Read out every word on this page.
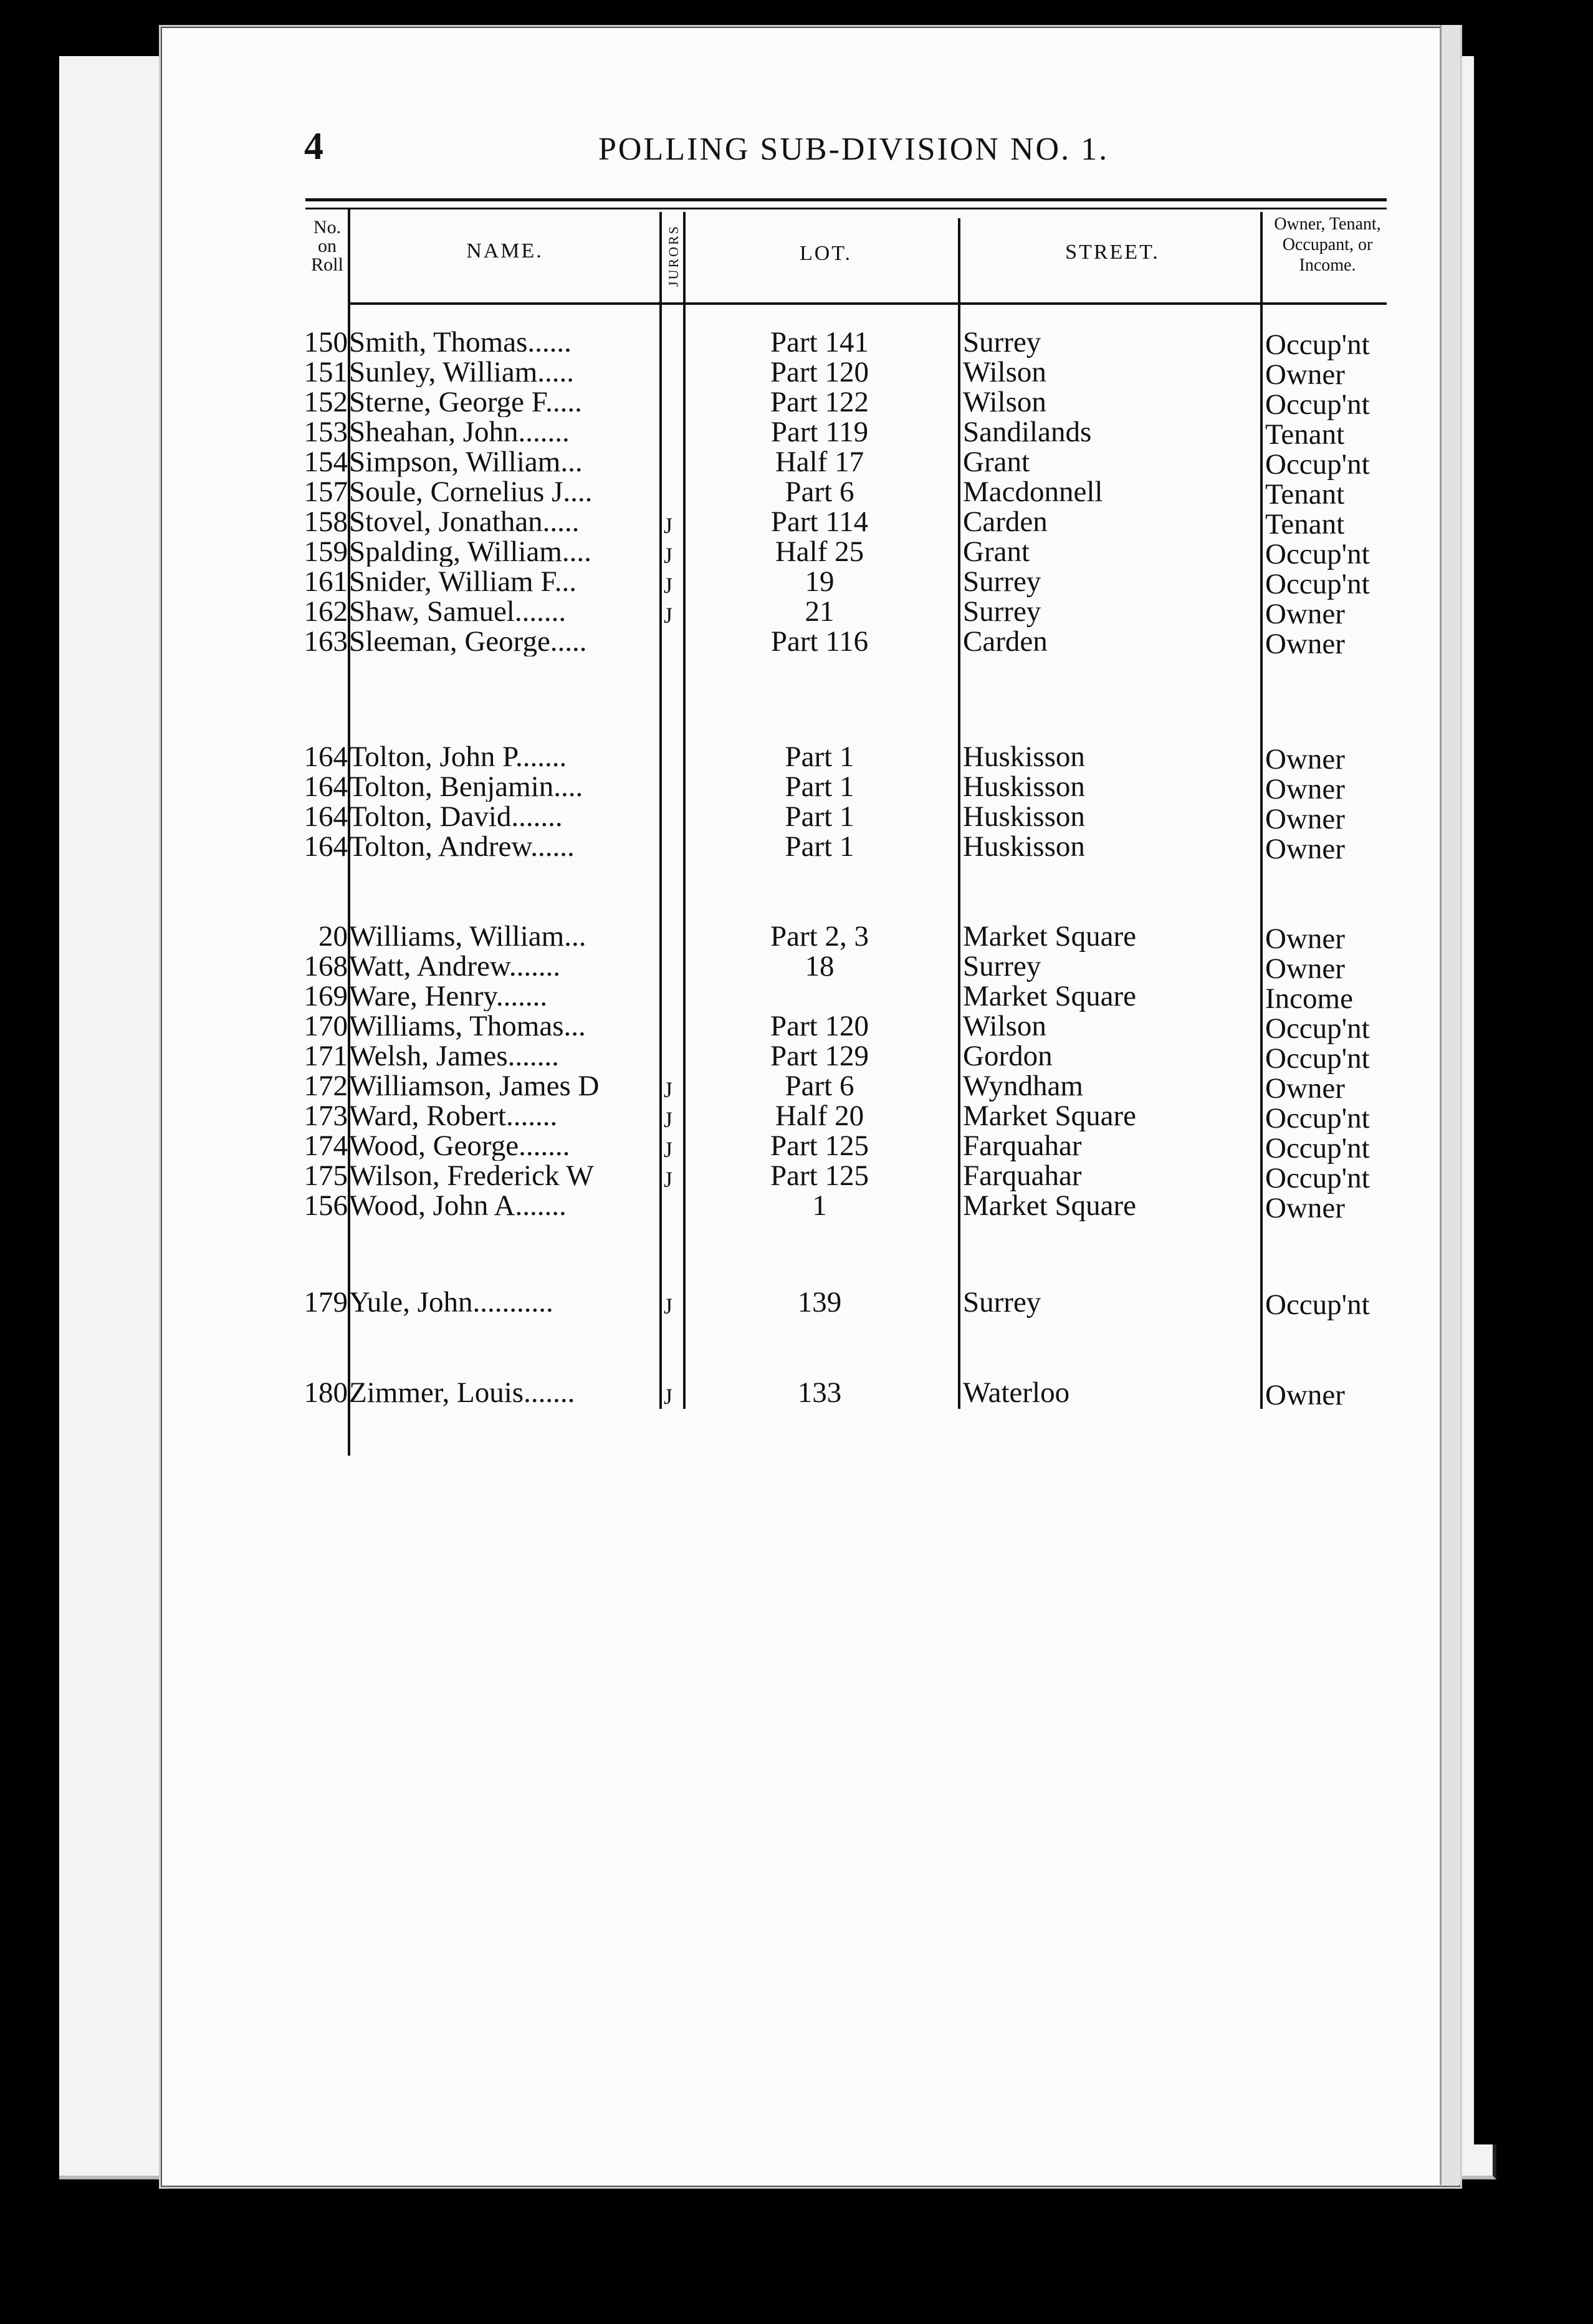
4	POLLING SUB-DIVISION NO. 1.
No. on Roll
NAME.	JURORS	LOT.	STREET.
Owner, Tenant, Occupant, or Income.
150 Smith, Thomas......	Part 141	Surrey	Occup'nt
151 Sunley, William.....	Part 120	Wilson	Owner
152 Sterne, George F.....	Part 122	Wilson	Occup'nt
153 Sheahan, John.......	Part 119	Sandilands	Tenant
154 Simpson, William...	Half 17	Grant	Occup'nt
157 Soule, Cornelius J....	Part 6	Macdonnell	Tenant
158 Stovel, Jonathan.....	J	Part 114	Carden	Tenant
159 Spalding, William....	J	Half 25	Grant	Occup'nt
161 Snider, William F...	J	19	Surrey	Occup'nt
162 Shaw, Samuel.......	J	21	Surrey	Owner
163 Sleeman, George.....	Part 116	Carden	Owner
164 Tolton, John P.......	Part 1	Huskisson	Owner
164 Tolton, Benjamin....	Part 1	Huskisson	Owner
164 Tolton, David.......	Part 1	Huskisson	Owner
164 Tolton, Andrew......	Part 1	Huskisson	Owner
20 Williams, William...	Part 2, 3	Market Square	Owner
168 Watt, Andrew.......	18	Surrey	Owner
169 Ware, Henry.......	Market Square	Income
170 Williams, Thomas...	Part 120	Wilson	Occup'nt
171 Welsh, James.......	Part 129	Gordon	Occup'nt
172 Williamson, James D	J	Part 6	Wyndham	Owner
173 Ward, Robert.......	J	Half 20	Market Square	Occup'nt
174 Wood, George.......	J	Part 125	Farquahar	Occup'nt
175 Wilson, Frederick W	J	Part 125	Farquahar	Occup'nt
156 Wood, John A.......	1	Market Square	Owner
179 Yule, John...........	J	139	Surrey	Occup'nt
180 Zimmer, Louis.......	J	133	Waterloo	Owner
